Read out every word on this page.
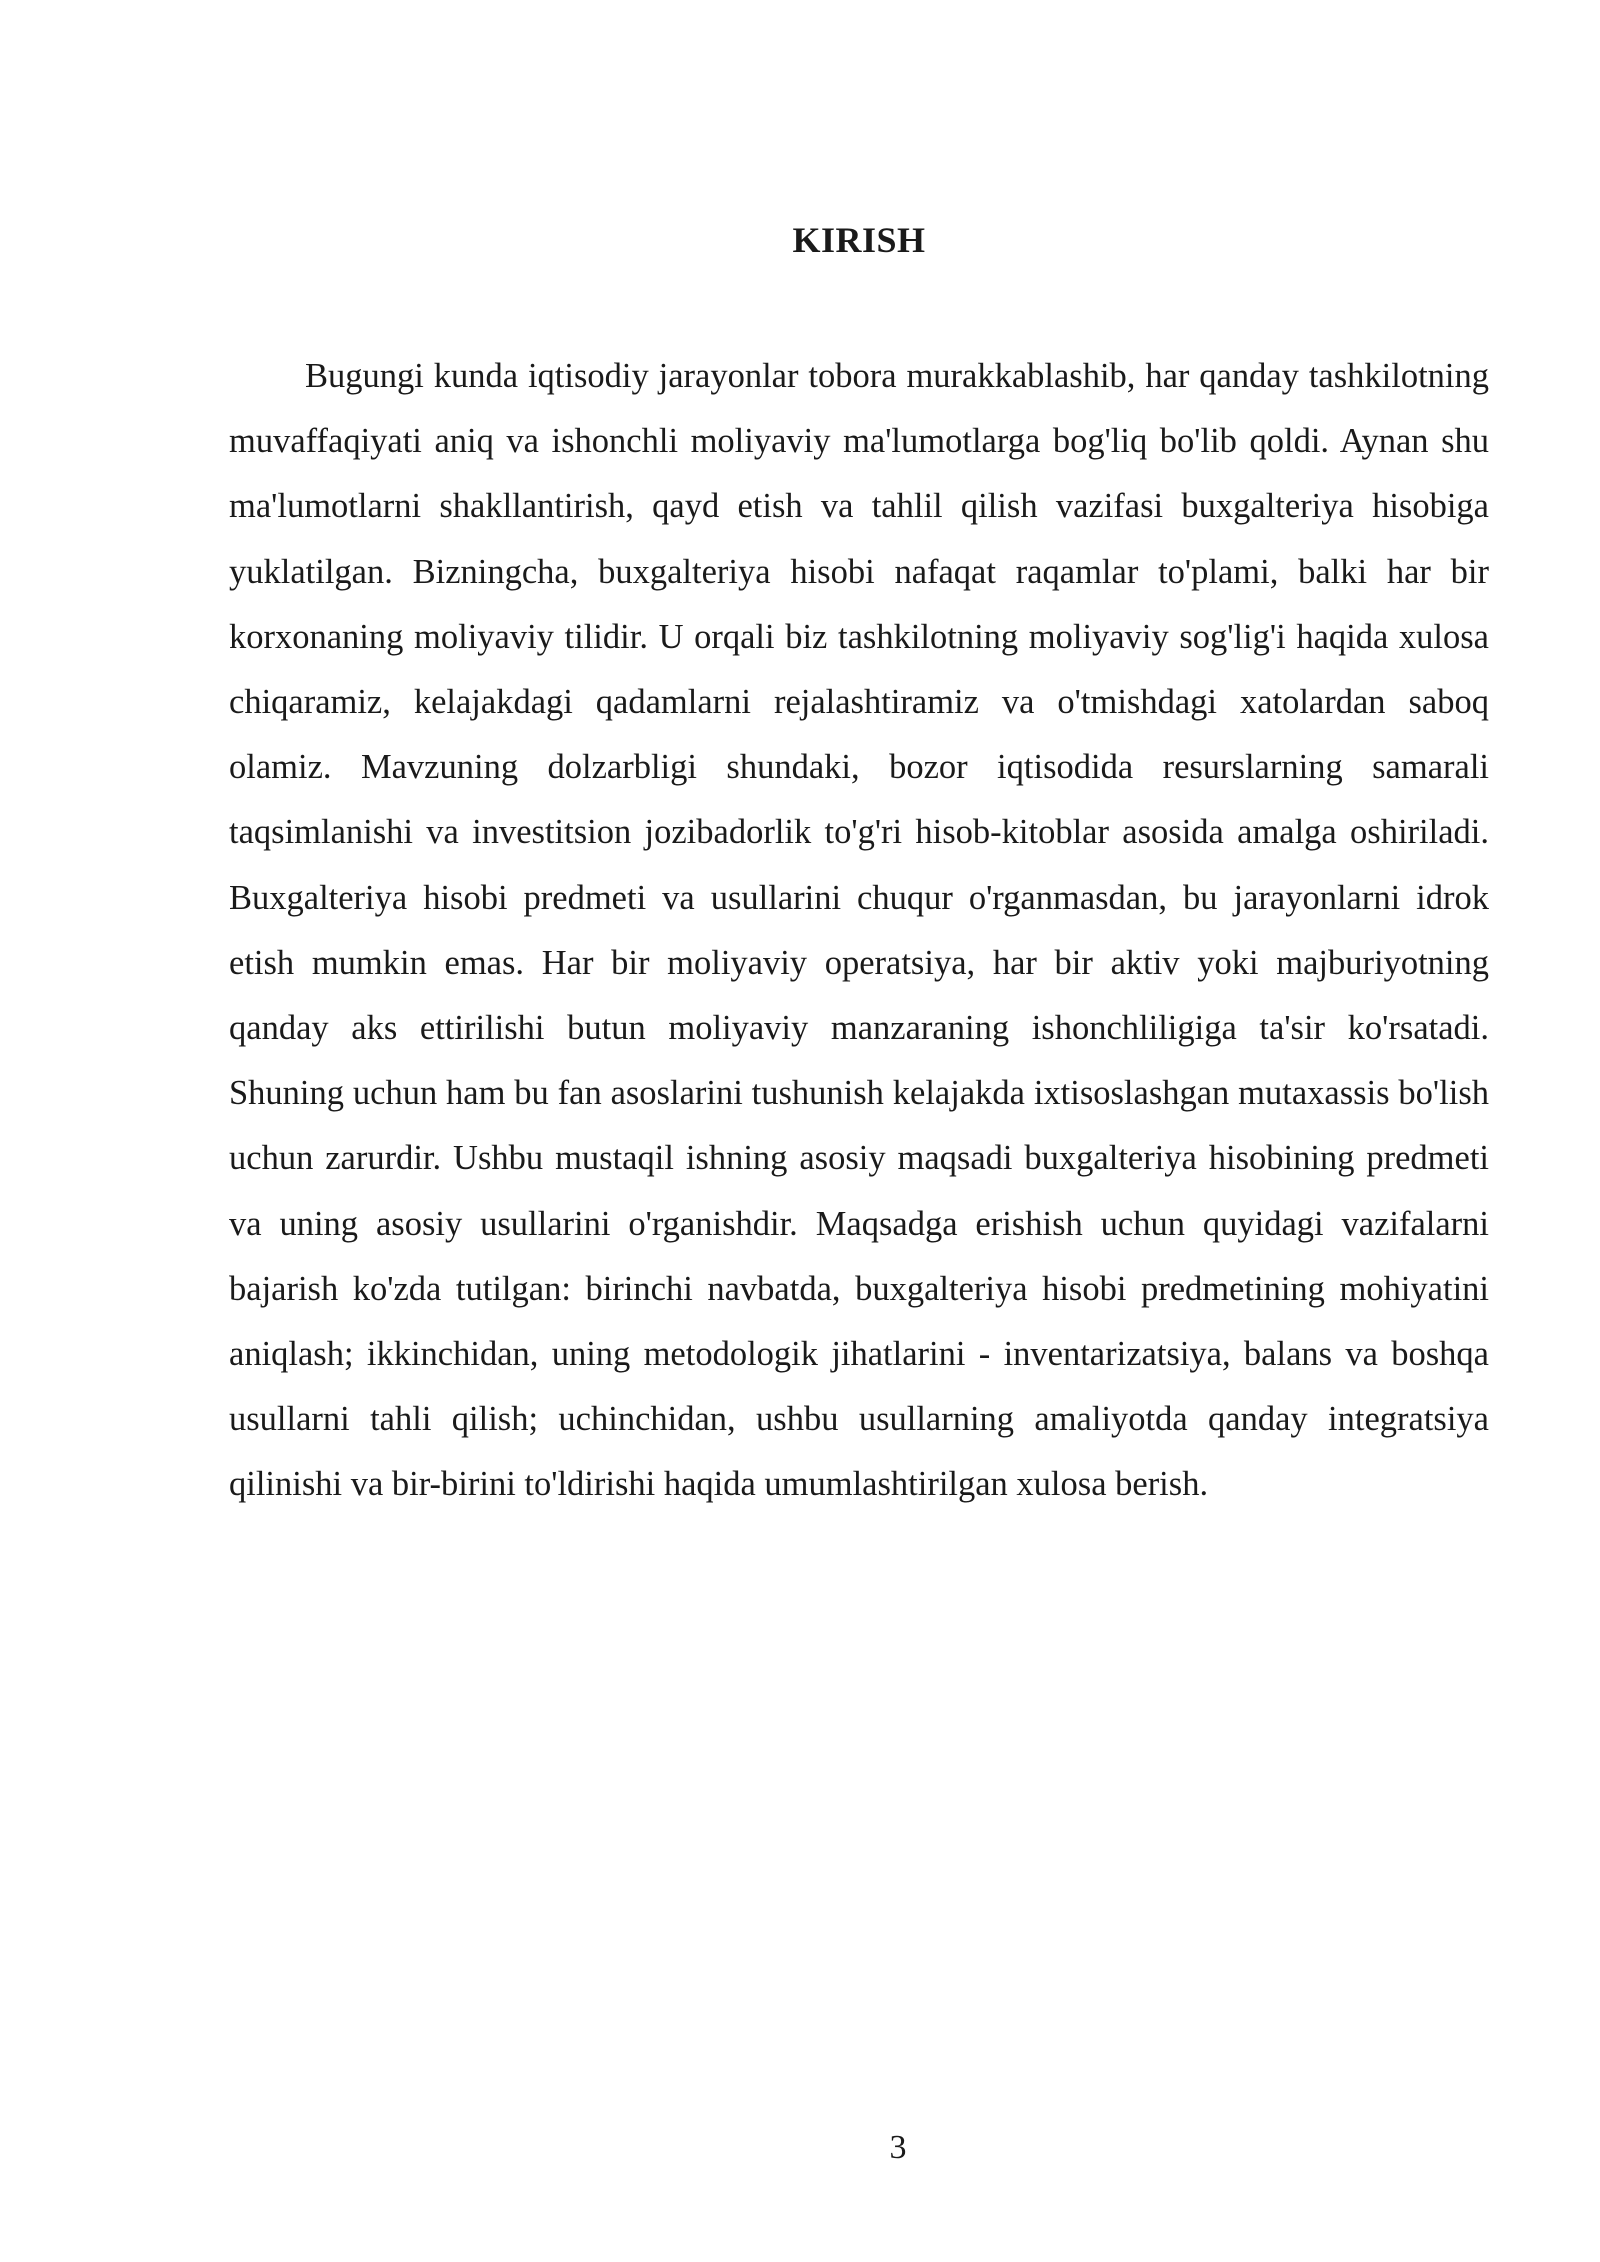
KIRISH

Bugungi kunda iqtisodiy jarayonlar tobora murakkablashib, har qanday tashkilotning muvaffaqiyati aniq va ishonchli moliyaviy ma'lumotlarga bog'liq bo'lib qoldi. Aynan shu ma'lumotlarni shakllantirish, qayd etish va tahlil qilish vazifasi buxgalteriya hisobiga yuklatilgan. Bizningcha, buxgalteriya hisobi nafaqat raqamlar to'plami, balki har bir korxonaning moliyaviy tilidir. U orqali biz tashkilotning moliyaviy sog'lig'i haqida xulosa chiqaramiz, kelajakdagi qadamlarni rejalashtiramiz va o'tmishdagi xatolardan saboq olamiz. Mavzuning dolzarbligi shundaki, bozor iqtisodida resurslarning samarali taqsimlanishi va investitsion jozibadorlik to'g'ri hisob-kitoblar asosida amalga oshiriladi. Buxgalteriya hisobi predmeti va usullarini chuqur o'rganmasdan, bu jarayonlarni idrok etish mumkin emas. Har bir moliyaviy operatsiya, har bir aktiv yoki majburiyotning qanday aks ettirilishi butun moliyaviy manzaraning ishonchliligiga ta'sir ko'rsatadi. Shuning uchun ham bu fan asoslarini tushunish kelajakda ixtisoslashgan mutaxassis bo'lish uchun zarurdir. Ushbu mustaqil ishning asosiy maqsadi buxgalteriya hisobining predmeti va uning asosiy usullarini o'rganishdir. Maqsadga erishish uchun quyidagi vazifalarni bajarish ko'zda tutilgan: birinchi navbatda, buxgalteriya hisobi predmetining mohiyatini aniqlash; ikkinchidan, uning metodologik jihatlarini - inventarizatsiya, balans va boshqa usullarni tahli qilish; uchinchidan, ushbu usullarning amaliyotda qanday integratsiya qilinishi va bir-birini to'ldirishi haqida umumlashtirilgan xulosa berish.

3
